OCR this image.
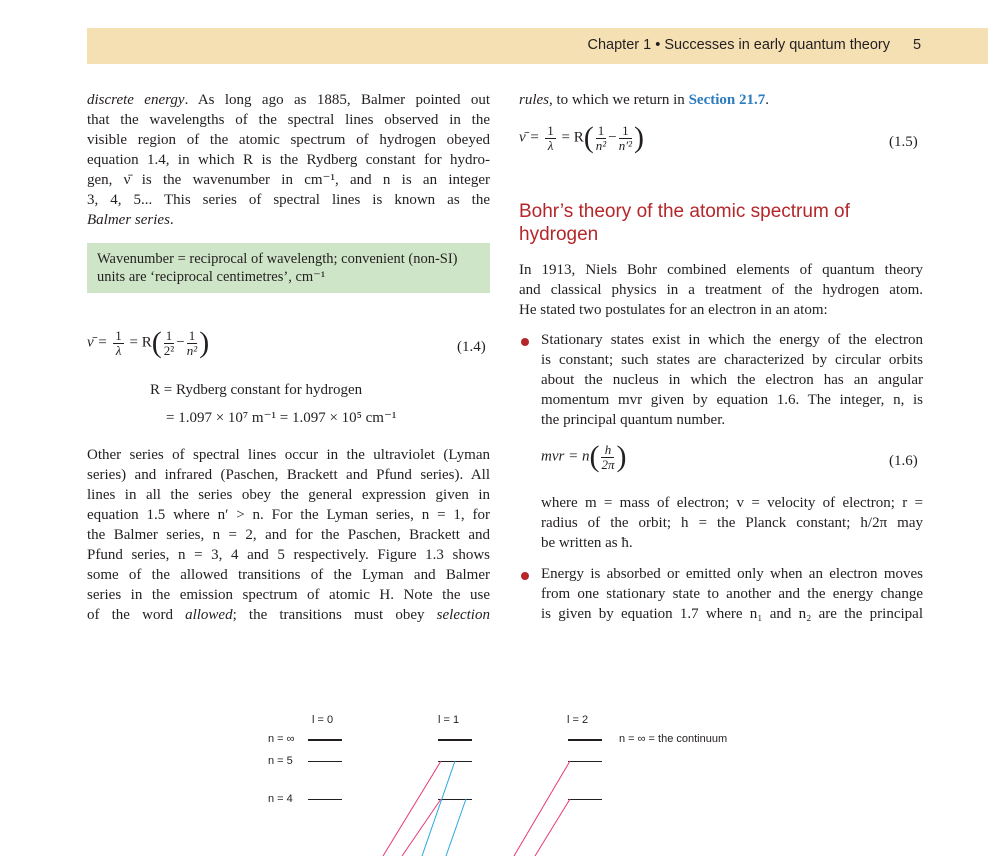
Chapter 1 • Successes in early quantum theory 5
discrete energy. As long ago as 1885, Balmer pointed out
that the wavelengths of the spectral lines observed in the
visible region of the atomic spectrum of hydrogen obeyed
equation 1.4, in which R is the Rydberg constant for hydro-
gen, ν̄ is the wavenumber in cm⁻¹, and n is an integer
3, 4, 5... This series of spectral lines is known as the
Balmer series.
Wavenumber = reciprocal of wavelength; convenient (non-SI) units are ‘reciprocal centimetres’, cm⁻¹
ν̄ = $\frac{1}{\lambda} = R( \frac{1}{\text{2²}} - \frac{1}{\text{n²}}$ )	(1.4)
R = Rydberg constant for hydrogen
= 1.097 × 10⁷ m⁻¹ = 1.097 × 10⁵ cm⁻¹
Other series of spectral lines occur in the ultraviolet (Lyman
series) and infrared (Paschen, Brackett and Pfund series). All
lines in all the series obey the general expression given in
equation 1.5 where n′ > n. For the Lyman series, n = 1, for
the Balmer series, n = 2, and for the Paschen, Brackett and
Pfund series, n = 3, 4 and 5 respectively. Figure 1.3 shows
some of the allowed transitions of the Lyman and Balmer
series in the emission spectrum of atomic H. Note the use
of the word allowed; the transitions must obey selection
rules, to which we return in Section 21.7.
ν̄ = $\frac{1}{\lambda} = R( \frac{1}{\text{n²}} - \frac{1}{\text{n′²}}$ )	(1.5)
Bohr’s theory of the atomic spectrum of hydrogen
In 1913, Niels Bohr combined elements of quantum theory
and classical physics in a treatment of the hydrogen atom.
He stated two postulates for an electron in an atom:
Stationary states exist in which the energy of the electron
is constant; such states are characterized by circular orbits
about the nucleus in which the electron has an angular
momentum mvr given by equation 1.6. The integer, n, is
the principal quantum number.
mvr = $n( \frac{h}{2\pi}$ )	(1.6)
where m = mass of electron; v = velocity of electron; r =
radius of the orbit; h = the Planck constant; h/2π may
be written as ħ.
Energy is absorbed or emitted only when an electron moves
from one stationary state to another and the energy change
is given by equation 1.7 where n₁ and n₂ are the principal
l = 0	l = 1	l = 2
n = ∞
n = 5
n = 4
n = ∞ = the continuum
